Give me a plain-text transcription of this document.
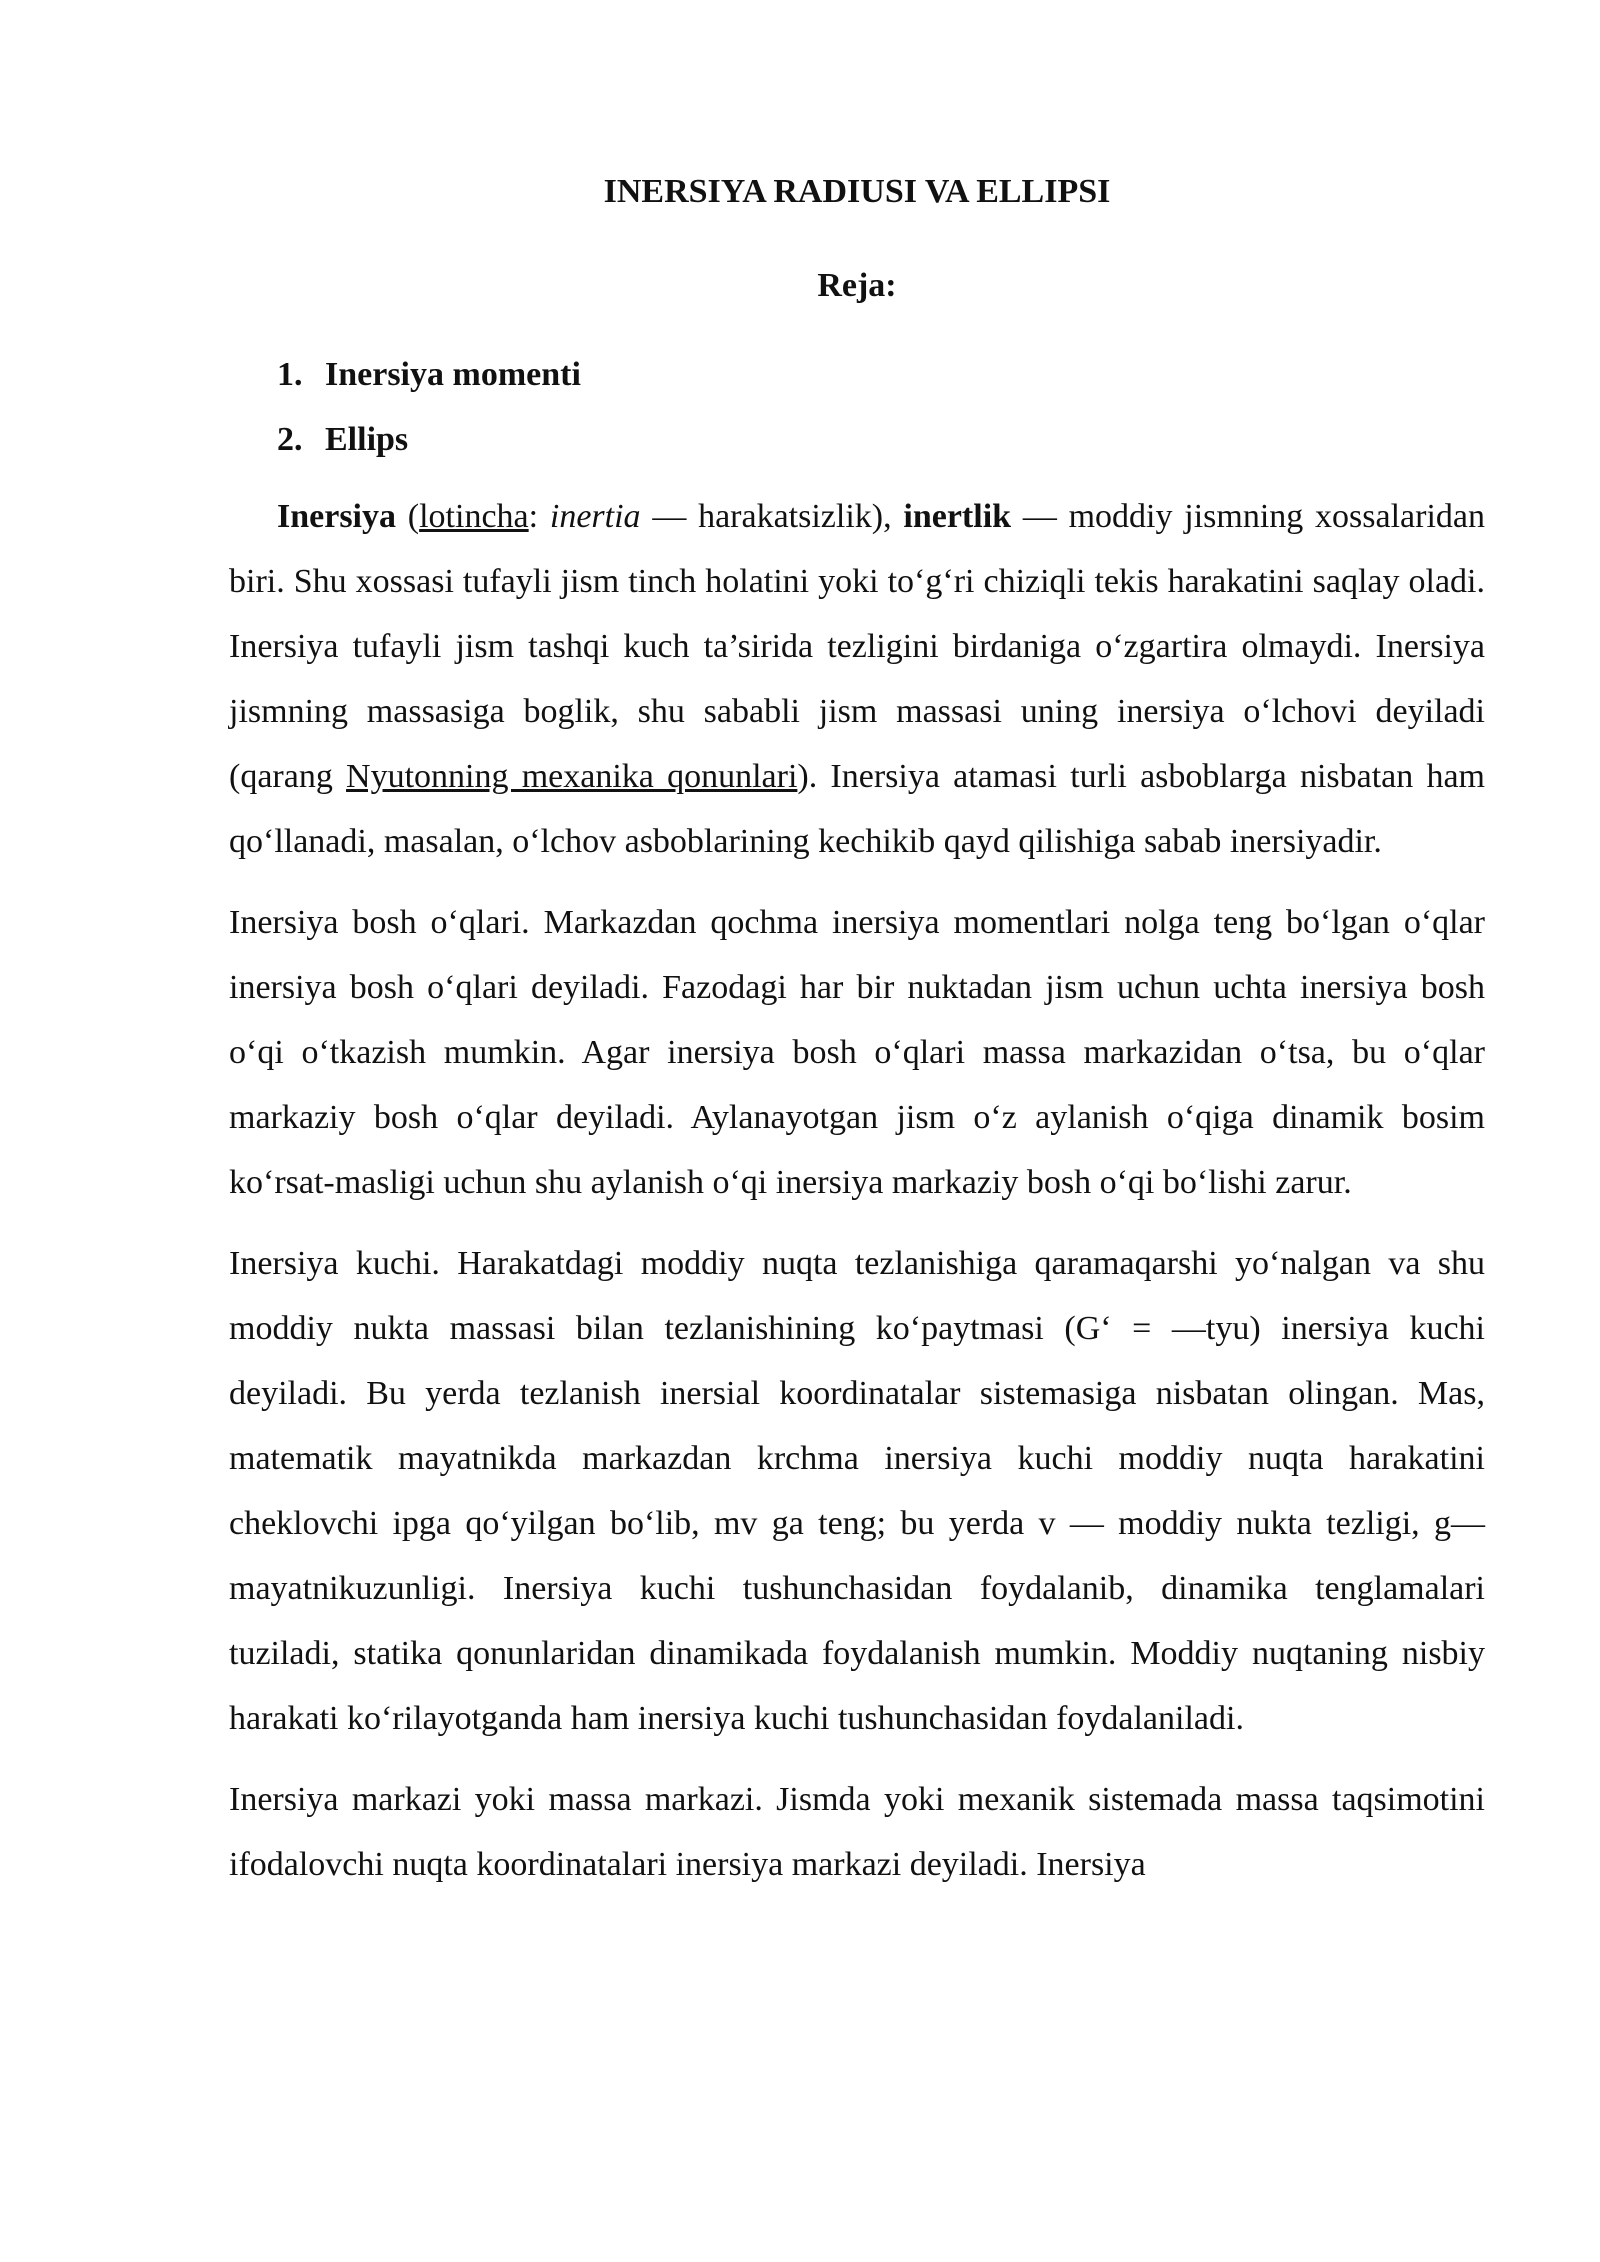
INERSIYA RADIUSI VA ELLIPSI
Reja:
1. Inersiya momenti
2. Ellips

Inersiya (lotincha: inertia — harakatsizlik), inertlik — moddiy jismning xossalaridan biri. Shu xossasi tufayli jism tinch holatini yoki to‘g‘ri chiziqli tekis harakatini saqlay oladi. Inersiya tufayli jism tashqi kuch ta’sirida tezligini birdaniga o‘zgartira olmaydi. Inersiya jismning massasiga boglik, shu sababli jism massasi uning inersiya o‘lchovi deyiladi (qarang Nyutonning mexanika qonunlari). Inersiya atamasi turli asboblarga nisbatan ham qo‘llanadi, masalan, o‘lchov asboblarining kechikib qayd qilishiga sabab inersiyadir.

Inersiya bosh o‘qlari. Markazdan qochma inersiya momentlari nolga teng bo‘lgan o‘qlar inersiya bosh o‘qlari deyiladi. Fazodagi har bir nuktadan jism uchun uchta inersiya bosh o‘qi o‘tkazish mumkin. Agar inersiya bosh o‘qlari massa markazidan o‘tsa, bu o‘qlar markaziy bosh o‘qlar deyiladi. Aylanayotgan jism o‘z aylanish o‘qiga dinamik bosim ko‘rsat-masligi uchun shu aylanish o‘qi inersiya markaziy bosh o‘qi bo‘lishi zarur.

Inersiya kuchi. Harakatdagi moddiy nuqta tezlanishiga qaramaqarshi yo‘nalgan va shu moddiy nukta massasi bilan tezlanishining ko‘paytmasi (G‘ = —tyu) inersiya kuchi deyiladi. Bu yerda tezlanish inersial koordinatalar sistemasiga nisbatan olingan. Mas, matematik mayatnikda markazdan krchma inersiya kuchi moddiy nuqta harakatini cheklovchi ipga qo‘yilgan bo‘lib, mv ga teng; bu yerda v — moddiy nukta tezligi, g— mayatnikuzunligi. Inersiya kuchi tushunchasidan foydalanib, dinamika tenglamalari tuziladi, statika qonunlaridan dinamikada foydalanish mumkin. Moddiy nuqtaning nisbiy harakati ko‘rilayotganda ham inersiya kuchi tushunchasidan foydalaniladi.

Inersiya markazi yoki massa markazi. Jismda yoki mexanik sistemada massa taqsimotini ifodalovchi nuqta koordinatalari inersiya markazi deyiladi. Inersiya
